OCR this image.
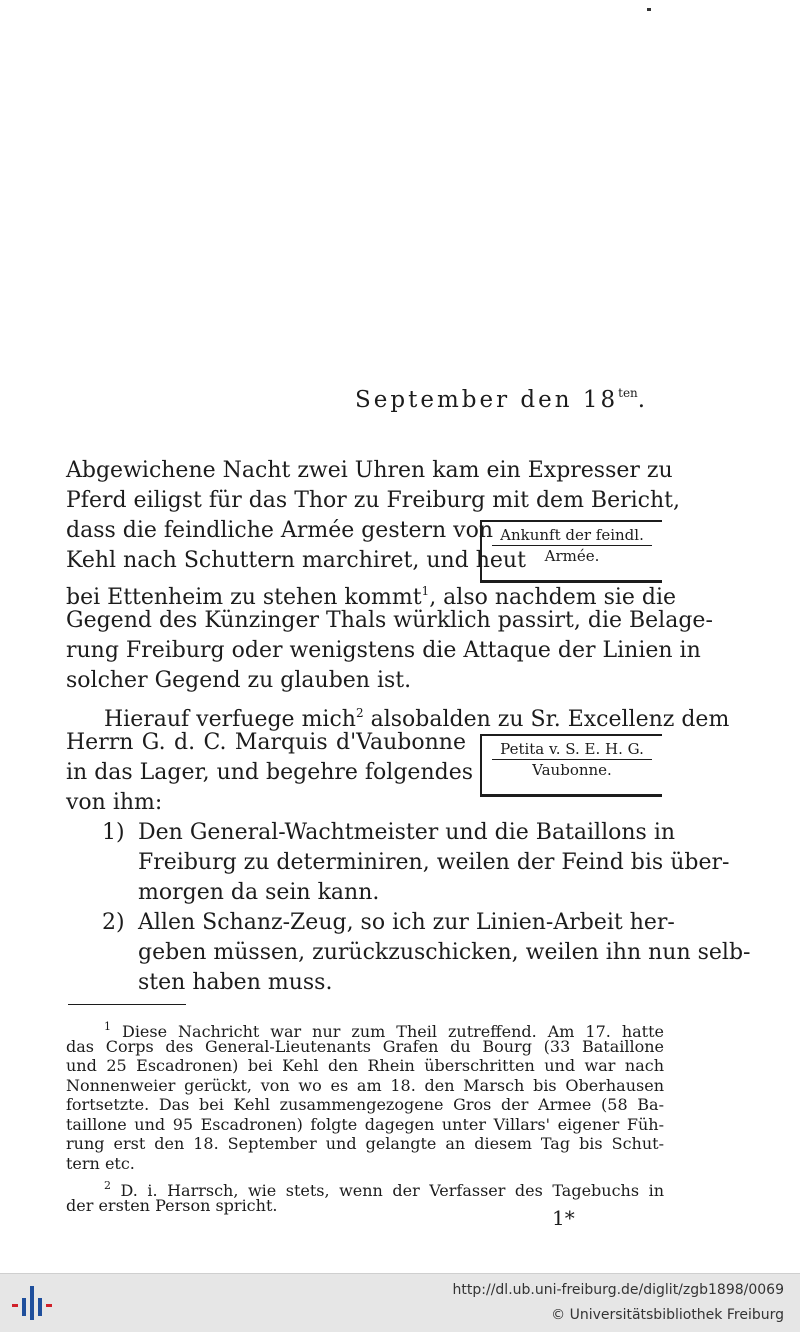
September den $18^{ten}$.
Abgewichene Nacht zwei Uhren kam ein Expresser zu
Pferd eiligst für das Thor zu Freiburg mit dem Bericht,
dass die feindliche Armée gestern von
Kehl nach Schuttern marchiret, und heut
bei Ettenheim zu stehen kommt$^1$, also nachdem sie die
Gegend des Künzinger Thals würklich passirt, die Belage-
rung Freiburg oder wenigstens die Attaque der Linien in
solcher Gegend zu glauben ist.
Ankunft der feindl.
Armée.
Hierauf verfuege mich$^2$ alsobalden zu Sr. Excellenz dem
Herrn G. d. C. Marquis d'Vaubonne
in das Lager, und begehre folgendes
von ihm:
Petita v. S. E. H. G.
Vaubonne.
1) Den General-Wachtmeister und die Bataillons in
Freiburg zu determiniren, weilen der Feind bis über-
morgen da sein kann.
2) Allen Schanz-Zeug, so ich zur Linien-Arbeit her-
geben müssen, zurückzuschicken, weilen ihn nun selb-
sten haben muss.
$^1$ Diese Nachricht war nur zum Theil zutreffend. Am 17. hatte
das Corps des General-Lieutenants Grafen du Bourg (33 Bataillone
und 25 Escadronen) bei Kehl den Rhein überschritten und war nach
Nonnenweier gerückt, von wo es am 18. den Marsch bis Oberhausen
fortsetzte. Das bei Kehl zusammengezogene Gros der Armee (58 Ba-
taillone und 95 Escadronen) folgte dagegen unter Villars' eigener Füh-
rung erst den 18. September und gelangte an diesem Tag bis Schut-
tern etc.
$^2$ D. i. Harrsch, wie stets, wenn der Verfasser des Tagebuchs in
der ersten Person spricht.
1*
http://dl.ub.uni-freiburg.de/diglit/zgb1898/0069
© Universitätsbibliothek Freiburg
